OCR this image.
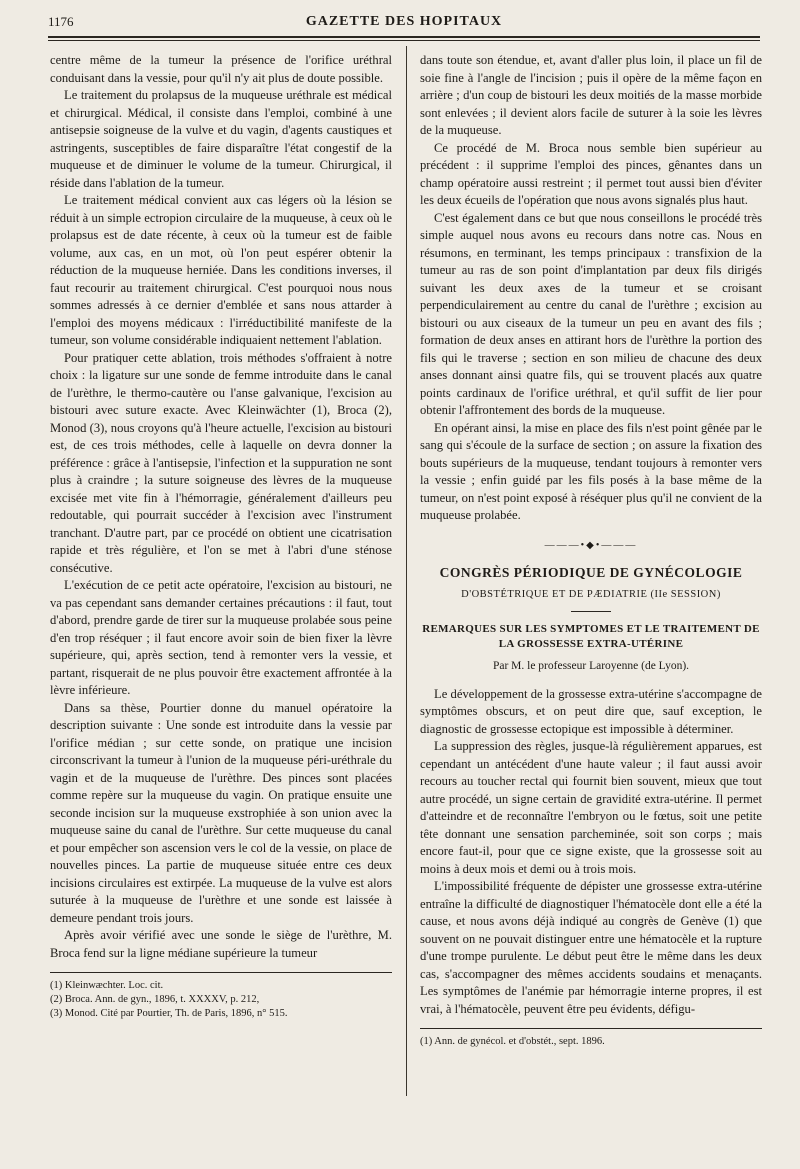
1176	GAZETTE DES HOPITAUX

centre même de la tumeur la présence de l'orifice uréthral conduisant dans la vessie, pour qu'il n'y ait plus de doute possible.

Le traitement du prolapsus de la muqueuse uréthrale est médical et chirurgical. Médical, il consiste dans l'emploi, combiné à une antisepsie soigneuse de la vulve et du vagin, d'agents caustiques et astringents, susceptibles de faire disparaître l'état congestif de la muqueuse et de diminuer le volume de la tumeur. Chirurgical, il réside dans l'ablation de la tumeur.

Le traitement médical convient aux cas légers où la lésion se réduit à un simple ectropion circulaire de la muqueuse, à ceux où le prolapsus est de date récente, à ceux où la tumeur est de faible volume, aux cas, en un mot, où l'on peut espérer obtenir la réduction de la muqueuse herniée. Dans les conditions inverses, il faut recourir au traitement chirurgical. C'est pourquoi nous nous sommes adressés à ce dernier d'emblée et sans nous attarder à l'emploi des moyens médicaux : l'irréductibilité manifeste de la tumeur, son volume considérable indiquaient nettement l'ablation.

Pour pratiquer cette ablation, trois méthodes s'offraient à notre choix : la ligature sur une sonde de femme introduite dans le canal de l'urèthre, le thermo-cautère ou l'anse galvanique, l'excision au bistouri avec suture exacte. Avec Kleinwächter (1), Broca (2), Monod (3), nous croyons qu'à l'heure actuelle, l'excision au bistouri est, de ces trois méthodes, celle à laquelle on devra donner la préférence : grâce à l'antisepsie, l'infection et la suppuration ne sont plus à craindre ; la suture soigneuse des lèvres de la muqueuse excisée met vite fin à l'hémorragie, généralement d'ailleurs peu redoutable, qui pourrait succéder à l'excision avec l'instrument tranchant. D'autre part, par ce procédé on obtient une cicatrisation rapide et très régulière, et l'on se met à l'abri d'une sténose consécutive.

L'exécution de ce petit acte opératoire, l'excision au bistouri, ne va pas cependant sans demander certaines précautions : il faut, tout d'abord, prendre garde de tirer sur la muqueuse prolabée sous peine d'en trop réséquer ; il faut encore avoir soin de bien fixer la lèvre supérieure, qui, après section, tend à remonter vers la vessie, et partant, risquerait de ne plus pouvoir être exactement affrontée à la lèvre inférieure.

Dans sa thèse, Pourtier donne du manuel opératoire la description suivante : Une sonde est introduite dans la vessie par l'orifice médian ; sur cette sonde, on pratique une incision circonscrivant la tumeur à l'union de la muqueuse péri-uréthrale du vagin et de la muqueuse de l'urèthre. Des pinces sont placées comme repère sur la muqueuse du vagin. On pratique ensuite une seconde incision sur la muqueuse exstrophiée à son union avec la muqueuse saine du canal de l'urèthre. Sur cette muqueuse du canal et pour empêcher son ascension vers le col de la vessie, on place de nouvelles pinces. La partie de muqueuse située entre ces deux incisions circulaires est extirpée. La muqueuse de la vulve est alors suturée à la muqueuse de l'urèthre et une sonde est laissée à demeure pendant trois jours.

Après avoir vérifié avec une sonde le siège de l'urèthre, M. Broca fend sur la ligne médiane supérieure la tumeur

(1) Kleinwæchter. Loc. cit.

(2) Broca. Ann. de gyn., 1896, t. XXXXV, p. 212,

(3) Monod. Cité par Pourtier, Th. de Paris, 1896, n° 515.

dans toute son étendue, et, avant d'aller plus loin, il place un fil de soie fine à l'angle de l'incision ; puis il opère de la même façon en arrière ; d'un coup de bistouri les deux moitiés de la masse morbide sont enlevées ; il devient alors facile de suturer à la soie les lèvres de la muqueuse.

Ce procédé de M. Broca nous semble bien supérieur au précédent : il supprime l'emploi des pinces, gênantes dans un champ opératoire aussi restreint ; il permet tout aussi bien d'éviter les deux écueils de l'opération que nous avons signalés plus haut.

C'est également dans ce but que nous conseillons le procédé très simple auquel nous avons eu recours dans notre cas. Nous en résumons, en terminant, les temps principaux : transfixion de la tumeur au ras de son point d'implantation par deux fils dirigés suivant les deux axes de la tumeur et se croisant perpendiculairement au centre du canal de l'urèthre ; excision au bistouri ou aux ciseaux de la tumeur un peu en avant des fils ; formation de deux anses en attirant hors de l'urèthre la portion des fils qui le traverse ; section en son milieu de chacune des deux anses donnant ainsi quatre fils, qui se trouvent placés aux quatre points cardinaux de l'orifice uréthral, et qu'il suffit de lier pour obtenir l'affrontement des bords de la muqueuse.

En opérant ainsi, la mise en place des fils n'est point gênée par le sang qui s'écoule de la surface de section ; on assure la fixation des bouts supérieurs de la muqueuse, tendant toujours à remonter vers la vessie ; enfin guidé par les fils posés à la base même de la tumeur, on n'est point exposé à réséquer plus qu'il ne convient de la muqueuse prolabée.

———•◆•———
CONGRÈS PÉRIODIQUE DE GYNÉCOLOGIE
D'OBSTÉTRIQUE ET DE PÆDIATRIE (IIe SESSION)
REMARQUES SUR LES SYMPTOMES ET LE TRAITEMENT DE LA GROSSESSE EXTRA-UTÉRINE
Par M. le professeur Laroyenne (de Lyon).

Le développement de la grossesse extra-utérine s'accompagne de symptômes obscurs, et on peut dire que, sauf exception, le diagnostic de grossesse ectopique est impossible à déterminer.

La suppression des règles, jusque-là régulièrement apparues, est cependant un antécédent d'une haute valeur ; il faut aussi avoir recours au toucher rectal qui fournit bien souvent, mieux que tout autre procédé, un signe certain de gravidité extra-utérine. Il permet d'atteindre et de reconnaître l'embryon ou le fœtus, soit une petite tête donnant une sensation parcheminée, soit son corps ; mais encore faut-il, pour que ce signe existe, que la grossesse soit au moins à deux mois et demi ou à trois mois.

L'impossibilité fréquente de dépister une grossesse extra-utérine entraîne la difficulté de diagnostiquer l'hématocèle dont elle a été la cause, et nous avons déjà indiqué au congrès de Genève (1) que souvent on ne pouvait distinguer entre une hématocèle et la rupture d'une trompe purulente. Le début peut être le même dans les deux cas, s'accompagner des mêmes accidents soudains et menaçants. Les symptômes de l'anémie par hémorragie interne propres, il est vrai, à l'hématocèle, peuvent être peu évidents, défigu-

(1) Ann. de gynécol. et d'obstét., sept. 1896.
